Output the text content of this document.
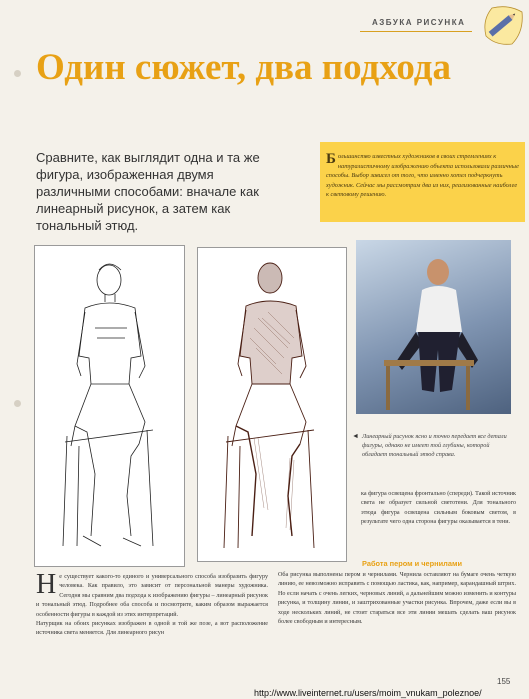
АЗБУКА РИСУНКА
Один сюжет, два подхода
Сравните, как выглядит одна и та же фигура, изображенная двумя различными способами: вначале как линеарный рисунок, а затем как тональный этюд.
Большинство известных художников в своих стремлениях к натуралистичному изображению объекта использовали различные способы. Выбор зависел от того, что именно хотел подчеркнуть художник. Сейчас мы рассмотрим два из них, реализованные наиболее к световому решению.
◄ Линеарный рисунок ясно и точно передает все детали фигуры, однако не имеет той глубины, которой обладает тональный этюд справа.
ка фигура освещена фронтально (спереди). Такой источник света не образует сильной светотени. Для тонального этюда фигура освещена сильным боковым светом, в результате чего одна сторона фигуры оказывается в тени.
Работа пером и чернилами
Оба рисунка выполнены пером и чернилами. Чернила оставляют на бумаге очень четкую линию, ее невозможно исправить с помощью ластика, как, например, карандашный штрих. Но если начать с очень легких, черновых линий, а дальнейшим можно изменить и контуры рисунка, и толщину линии, и заштрихованные участки рисунка. Впрочем, даже если вы в ходе нескольких линий, не стоит стараться все эти линии мешать сделать ваш рисунок более свободным и интересным.
Не существует какого-то единого и универсального способа изобразить фигуру человека. Как правило, это зависит от персональной манеры художника. Сегодня мы сравним два подхода к изображению фигуры – линеарный рисунок и тональный этюд. Подробнее оба способа и посмотрите, каким образом выражается особенности фигуры в каждой из этих интерпретаций.
Натурщик на обоих рисунках изображен в одной и той же позе, а вот расположение источника света меняется. Для линеарного рисун
155
http://www.liveinternet.ru/users/moim_vnukam_poleznoe/
